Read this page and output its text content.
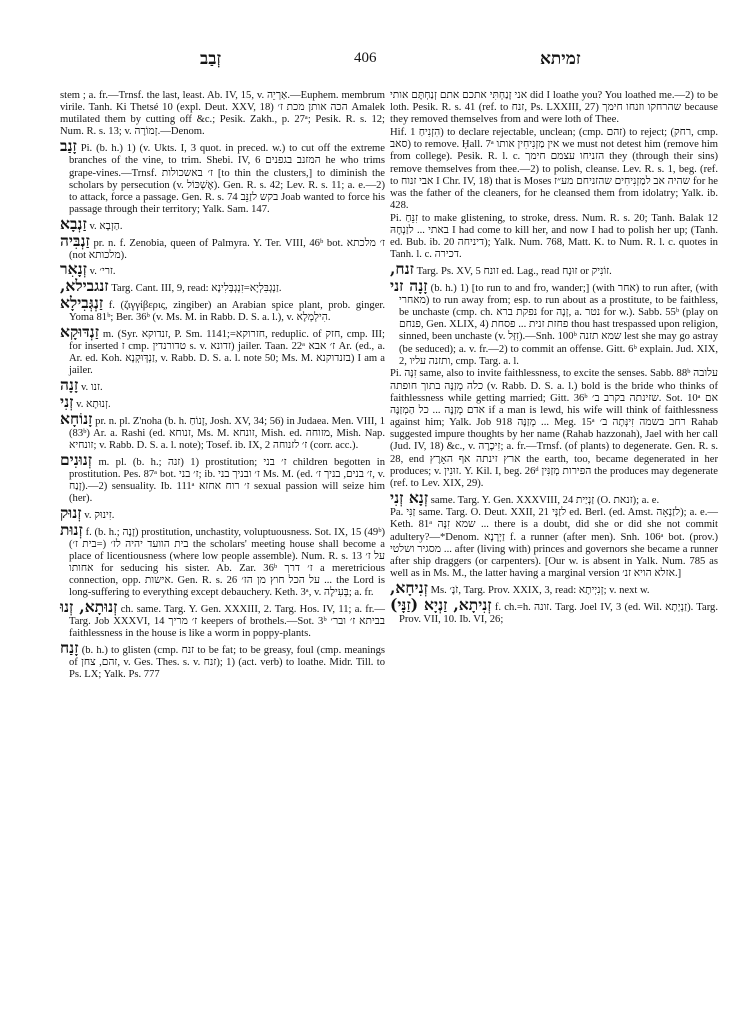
זְבַב	406	זמיתא

stem ; a. fr.—Trnsf. the last, least. Ab. IV, 15, v. אַרְיֵה.—Euphem. membrum virile. Tanh. Ki Thetsé 10 (expl. Deut. XXV, 18) הכה אותן מכת ז׳ Amalek mutilated them by cutting off &c.; Pesik. Zakh., p. 27ᵃ; Pesik. R. s. 12; Num. R. s. 13; v. זְמוֹרָה.—Denom.

זָנַב Pi. (b. h.) 1) (v. Ukts. I, 3 quot. in preced. w.) to cut off the extreme branches of the vine, to trim. Shebi. IV, 6 המזנב בגפנים he who trims grape-vines.—Trnsf. ז׳ באשכולות [to thin the clusters,] to diminish the scholars by persecution (v. אֶשְׁכּוֹל). Gen. R. s. 42; Lev. R. s. 11; a. e.—2) to attack, force a passage. Gen. R. s. 74 בקש לזַנֵּב Joab wanted to force his passage through their territory; Yalk. Sam. 147.

זַנְבָא v. הַזְבָא.

זַנְבִּיה pr. n. f. Zenobia, queen of Palmyra. Y. Ter. VIII, 46ᵇ bot. ז׳ מלכתא (not מלכותא).

זְנָאִר v. זרי׳.

זנגבילא, Targ. Cant. III, 9, read: זַנְגְבִּלְיָא=זִנְגְבְּלִינָא.

זַנְגְּבִילָא f. (ζιγγίβερις, zingiber) an Arabian spice plant, prob. ginger. Yoma 81ᵇ; Ber. 36ᵇ (v. Ms. M. in Rabb. D. S. a. l.), v. הִילְמְלָא.

זַנְדּוּקָא m. (Syr. זנדוקא, P. Sm. 1141;=חזרוקא, reduplic. of חזק, cmp. III; for inserted ז cmp. טדורנדין s. v. זדונא) jailer. Taan. 22ᵃ ז׳ אבא Ar. (ed., a. Ar. ed. Koh. זַנְדְּוּקְנָא, v. Rabb. D. S. a. l. note 50; Ms. M. בזנדוקנא) I am a jailer.

זָנָה v. זנו.

זְנִי v. זְנוּתָא.

זָנוֹחָא pr. n. pl. Z'noha (b. h. זָנוֹחַ, Josh. XV, 34; 56) in Judaea. Men. VIII, 1 (83ᵇ) Ar. a. Rashi (ed. זנוחא, Ms. M. זונחא, Mish. ed. מזוחה, Mish. Nap. זונחיא; v. Rabb. D. S. a. l. note); Tosef. ib. IX, 2 ז׳ לזנוחה (corr. acc.).

זְנוּנִים m. pl. (b. h.; זנה) 1) prostitution; ז׳ בני children begotten in prostitution. Pes. 87ᵃ bot. ז׳ בני; ib. ז׳ ובניך בני Ms. M. (ed. ז׳ בנים, בניך ז׳, v. זָנַח).—2) sensuality. Ib. 111ᵃ ז׳ רוח אחזא sexual passion will seize him (her).

זְנוּק v. זִינוּק.

זְנוּת f. (b. h.; זָנָה) prostitution, unchastity, voluptuousness. Sot. IX, 15 (49ᵇ) (בית ז׳=) בית הוועד יהיה לז׳ the scholars' meeting house shall become a place of licentiousness (where low people assemble). Num. R. s. 13 על ז׳ אחותו for seducing his sister. Ab. Zar. 36ᵇ ז׳ דרך a meretricious connection, opp. אישות. Gen. R. s. 26 על הכל חוץ מן הז׳ ... the Lord is long-suffering to everything except debauchery. Keth. 3ᵃ, v. בְּעִילָה; a. fr.

זְנוּתָא, זְנוּ ch. same. Targ. Y. Gen. XXXIII, 2. Targ. Hos. IV, 11; a. fr.—Targ. Job XXXVI, 14 ז׳ מריך keepers of brothels.—Sot. 3ᵇ בביתא ז׳ ובר׳ faithlessness in the house is like a worm in poppy-plants.

זָנַח (b. h.) to glisten (cmp. זנח to be fat; to be greasy, foul (cmp. meanings of זהם, צחן, v. Ges. Thes. s. v. זנח); 1) (act. verb) to loathe. Midr. Till. to Ps. LX; Yalk. Ps. 777

אני זָנַחְתִּי אתכם אתם זְנַחְתֶּם אותי did I loathe you? You loathed me.—2) to be loth. Pesik. R. s. 41 (ref. to זנח, Ps. LXXIII, 27) שהרחקו וזנחו חימך because they removed themselves from and were loth of Thee.

Hif. הִזְנִיחַ 1) to declare rejectable, unclean; (cmp. זהם) to reject; (רחק, cmp. סאב) to remove. Ḥall. 7ᵃ אין מַזְנִיחִין אותו we must not detest him (remove him from college). Pesik. R. l. c. הזניחו עצמם חימך they (through their sins) remove themselves from thee.—2) to polish, cleanse. Lev. R. s. 1, beg. (ref. to אבי זנוח I Chr. IV, 18) that is Moses שהיה אב למַזְנִיחִים שהזניחם מע״ז for he was the father of the cleaners, for he cleansed them from idolatry; Yalk. ib. 428.

Pi. זִנֵּחַ to make glistening, to stroke, dress. Num. R. s. 20; Tanh. Balak 12 באתי ... לזַנְחָהּ I had come to kill her, and now I had to polish her up; (Tanh. ed. Bub. ib. 20 דיניחה); Yalk. Num. 768, Matt. K. to Num. R. l. c. quotes in Tanh. l. c. דכירה.

זנח, Targ. Ps. XV, 5 זונח ed. Lag., read זוּנְח or זוֹנִיק.

זָנָה זני (b. h.) 1) [to run to and fro, wander;] (with אחר) to run after, (with מאחרי) to run away from; esp. to run about as a prostitute, to be faithless, be unchaste (cmp. ch. נפקת ברא for זְנָה, a. נטר for w.). Sabb. 55ᵇ (play on פנחם, Gen. XLIX, 4) פחזת זנית ... פסחת thou hast trespassed upon religion, sinned, been unchaste (v. זִזַּל).—Snh. 100ᵇ שמא תזנה lest she may go astray (be seduced); a. v. fr.—2) to commit an offense. Gitt. 6ᵇ explain. Jud. XIX, 2, ותזנה עליו, cmp. Targ. a. l.

Pi. זִנָּה same, also to invite faithlessness, to excite the senses. Sabb. 88ᵇ עלובה כלה מְזַנָּה בתוך חופתה (v. Rabb. D. S. a. l.) bold is the bride who thinks of faithlessness while getting married; Gitt. 36ᵇ שזינתה בקרב ב׳. Sot. 10ᵃ אם אדם מְזַנֶּה ... כל הַמְזַנֶּה if a man is lewd, his wife will think of faithlessness against him; Yalk. Job 918 מְזַנָּה ... Meg. 15ᵃ רחב בשמה זִינְּתָה ב׳ Rahab suggested impure thoughts by her name (Rahab hazzonah), Jael with her call (Jud. IV, 18) &c., v. זִיכָרָה; a. fr.—Trnsf. (of plants) to degenerate. Gen. R. s. 28, end ארץ זינתה אף האָרֶץ the earth, too, became degenerated in her produces; v. זוּנִין. Y. Kil. I, beg. 26ᵈ הפירות מְזַנִּין the produces may degenerate (ref. to Lev. XIX, 29).

זְנָא זְנִי same. Targ. Y. Gen. XXXVIII, 24 זַנְיַית (O. זנאת); a. e.

Pa. זַנִּי same. Targ. O. Deut. XXII, 21 לזַנְּי ed. Berl. (ed. Amst. לזַנְאָה); a. e.—Keth. 81ᵃ שמא זִנָּה ... there is a doubt, did she or did she not commit adultery?—*Denom. זַיְרָנָא f. a runner (after men). Snh. 106ᵃ bot. (prov.) מסגיר ושלטי ... after (living with) princes and governors she became a runner after ship draggers (or carpenters). [Our w. is absent in Yalk. Num. 785 as well as in Ms. M., the latter having a marginal version אזלא הויא זנ׳.]

זְנִיחָא, Ms. זֹנָ׳, Targ. Prov. XXIX, 3, read: זְנִיְיתָא; v. next w.

זְנִיתָא, זַנְיָא (זַנָּי) f. ch.=h. זונה. Targ. Joel IV, 3 (ed. Wil. זַנְיְתָא). Targ. Prov. VII, 10. Ib. VI, 26;
